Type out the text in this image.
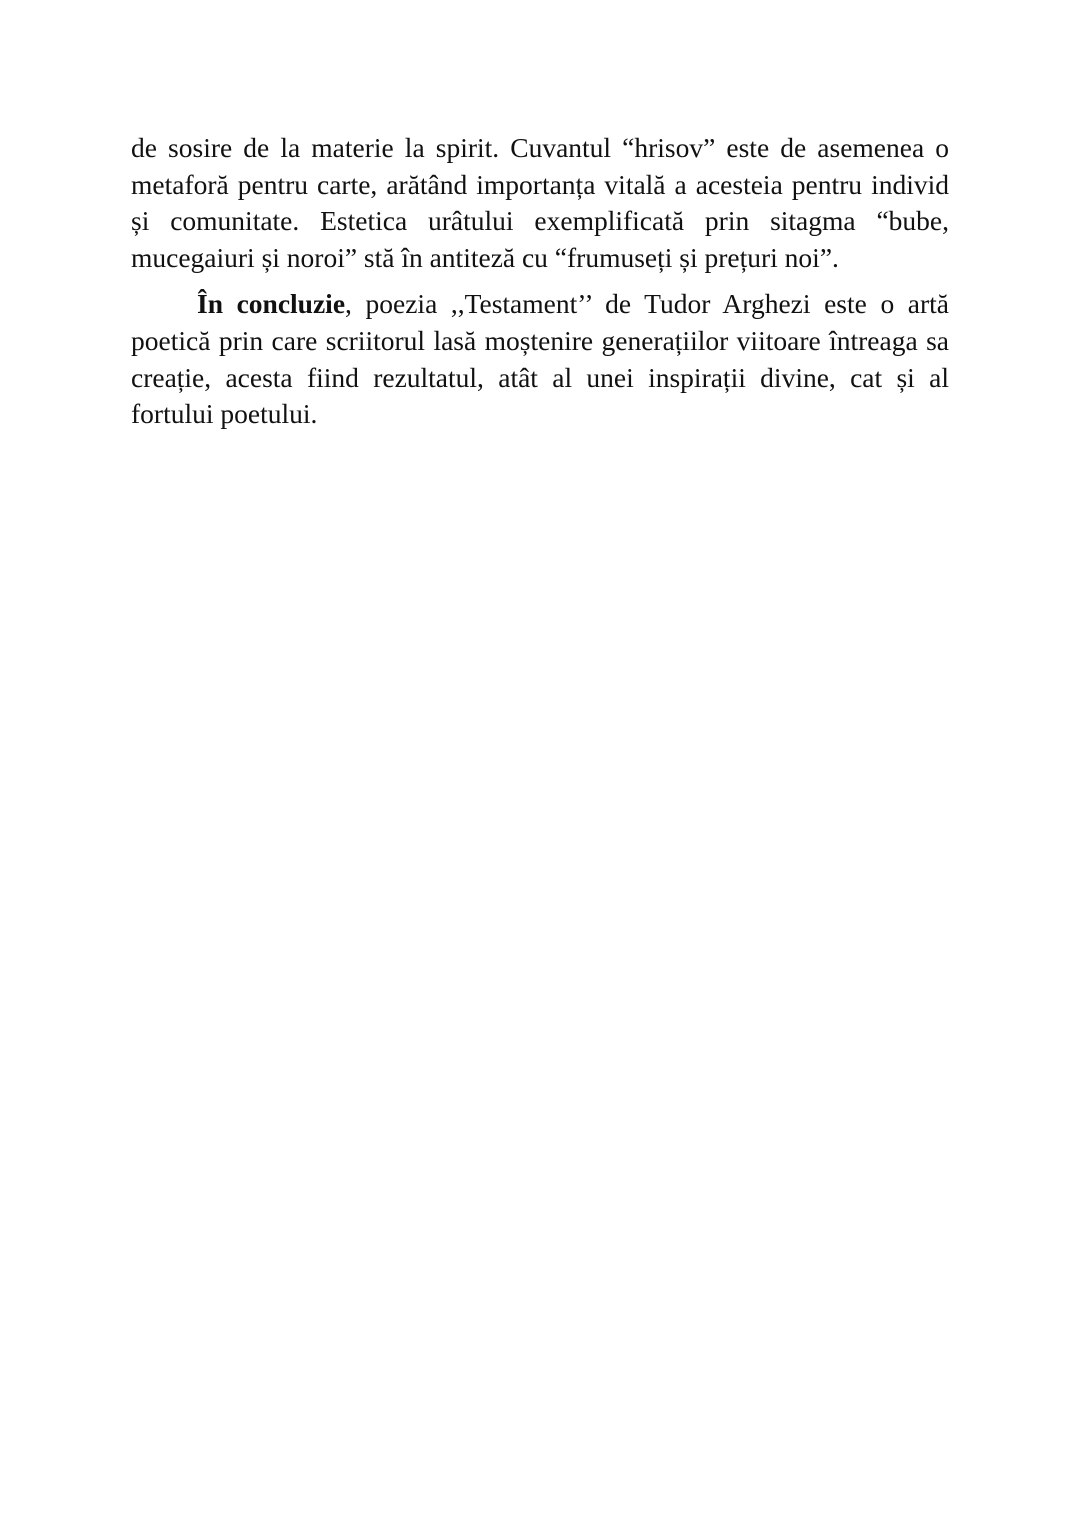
de sosire de la materie la spirit. Cuvantul “hrisov” este de asemenea o metaforă pentru carte, arătând importanța vitală a acesteia pentru individ și comunitate. Estetica urâtului exemplificată prin sitagma “bube, mucegaiuri și noroi” stă în antiteză cu “frumuseți și prețuri noi”.

În concluzie, poezia ,,Testament’’ de Tudor Arghezi este o artă poetică prin care scriitorul lasă moștenire generațiilor viitoare întreaga sa creație, acesta fiind rezultatul, atât al unei inspirații divine, cat și al fortului poetului.
